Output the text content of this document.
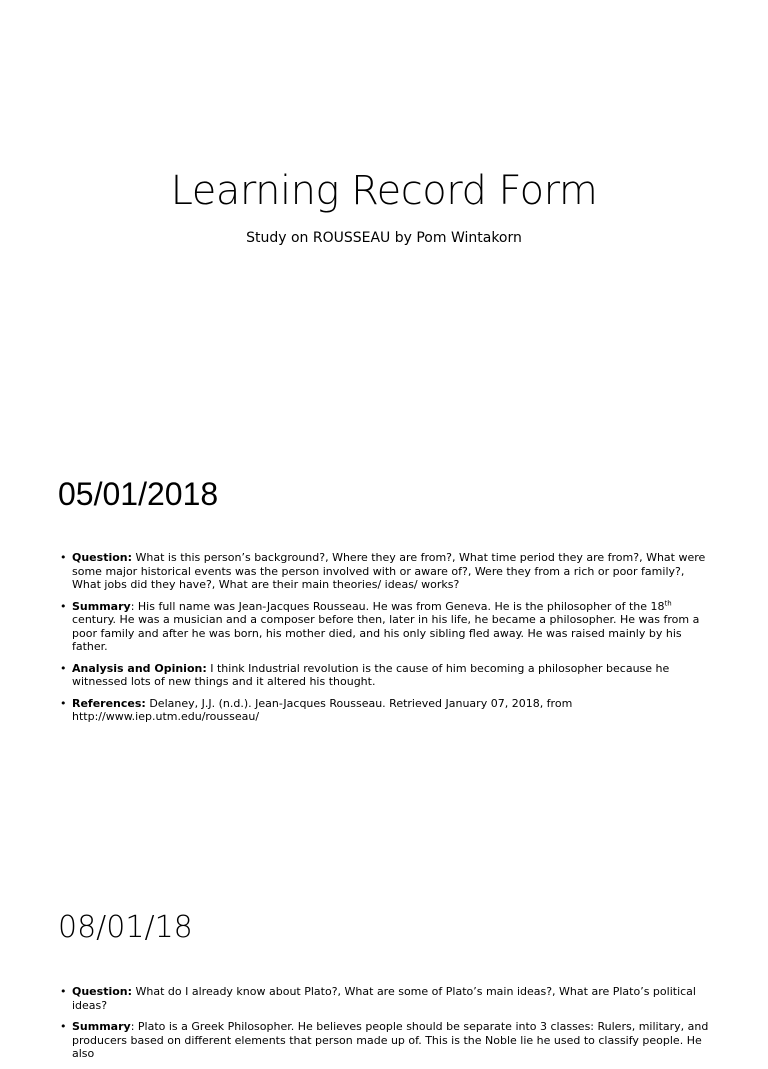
Learning Record Form
Study on ROUSSEAU by Pom Wintakorn
05/01/2018
• Question: What is this person’s background?, Where they are from?, What time period they are from?, What were some major historical events was the person involved with or aware of?, Were they from a rich or poor family?, What jobs did they have?, What are their main theories/ ideas/ works?
• Summary: His full name was Jean-Jacques Rousseau. He was from Geneva. He is the philosopher of the 18th century. He was a musician and a composer before then, later in his life, he became a philosopher. He was from a poor family and after he was born, his mother died, and his only sibling fled away. He was raised mainly by his father.
• Analysis and Opinion: I think Industrial revolution is the cause of him becoming a philosopher because he witnessed lots of new things and it altered his thought.
• References: Delaney, J.J. (n.d.). Jean-Jacques Rousseau. Retrieved January 07, 2018, from http://www.iep.utm.edu/rousseau/
08/01/18
• Question: What do I already know about Plato?, What are some of Plato’s main ideas?, What are Plato’s political ideas?
• Summary: Plato is a Greek Philosopher. He believes people should be separate into 3 classes: Rulers, military, and producers based on different elements that person made up of. This is the Noble lie he used to classify people. He also
